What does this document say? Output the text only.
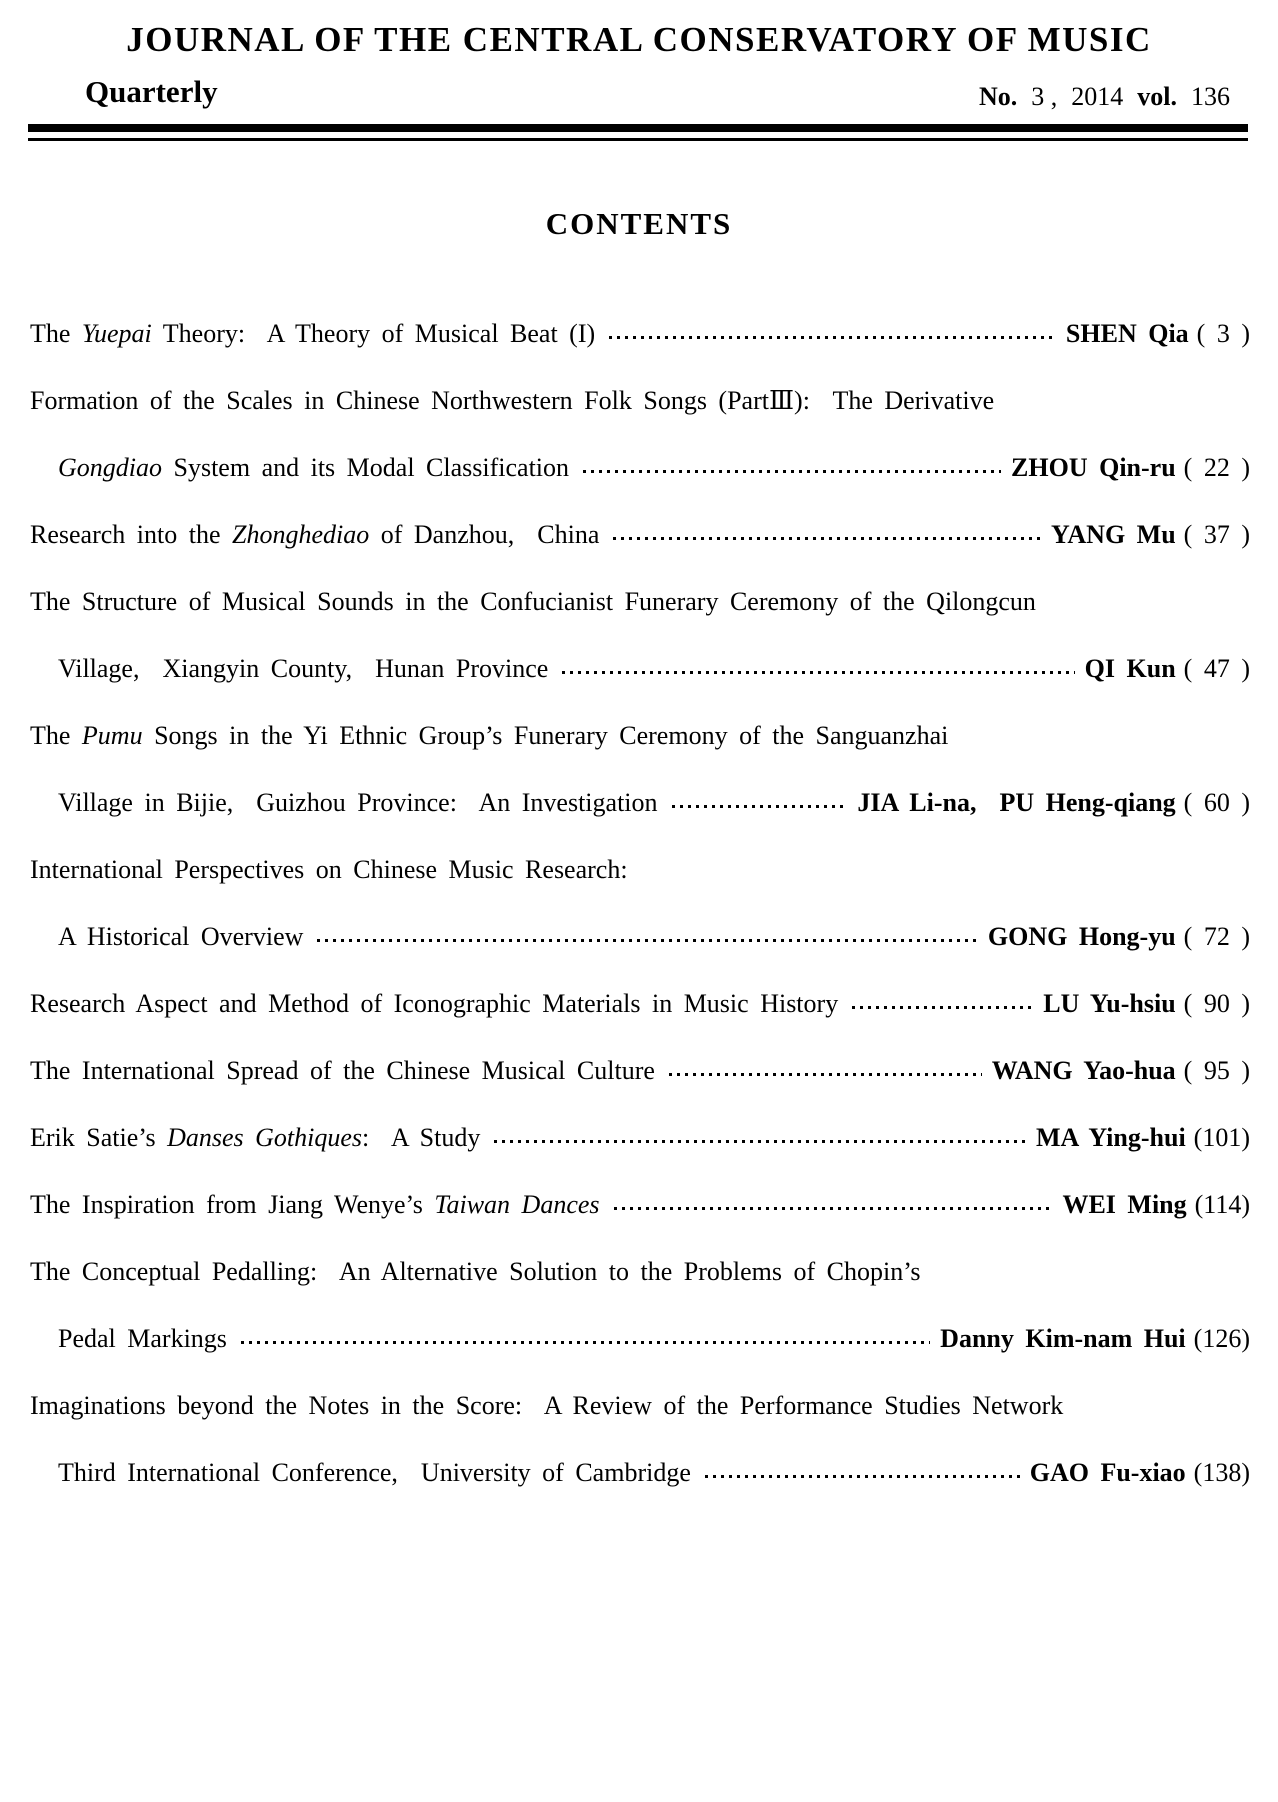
JOURNAL OF THE CENTRAL CONSERVATORY OF MUSIC
Quarterly	No. 3 , 2014 vol. 136
CONTENTS
The Yuepai Theory:  A Theory of Musical Beat (I)	SHEN Qia ( 3 )
Formation of the Scales in Chinese Northwestern Folk Songs (PartⅢ):  The Derivative
Gongdiao System and its Modal Classification	ZHOU Qin-ru ( 22 )
Research into the Zhonghediao of Danzhou,  China	YANG Mu ( 37 )
The Structure of Musical Sounds in the Confucianist Funerary Ceremony of the Qilongcun
Village,  Xiangyin County,  Hunan Province	QI Kun ( 47 )
The Pumu Songs in the Yi Ethnic Group’s Funerary Ceremony of the Sanguanzhai
Village in Bijie,  Guizhou Province:  An Investigation	JIA Li-na,  PU Heng-qiang ( 60 )
International Perspectives on Chinese Music Research:
A Historical Overview	GONG Hong-yu ( 72 )
Research Aspect and Method of Iconographic Materials in Music History	LU Yu-hsiu ( 90 )
The International Spread of the Chinese Musical Culture	WANG Yao-hua ( 95 )
Erik Satie’s Danses Gothiques :  A Study	MA Ying-hui (101)
The Inspiration from Jiang Wenye’s Taiwan Dances	WEI Ming (114)
The Conceptual Pedalling:  An Alternative Solution to the Problems of Chopin’s
Pedal Markings	Danny Kim-nam Hui (126)
Imaginations beyond the Notes in the Score:  A Review of the Performance Studies Network
Third International Conference,  University of Cambridge	GAO Fu-xiao (138)
